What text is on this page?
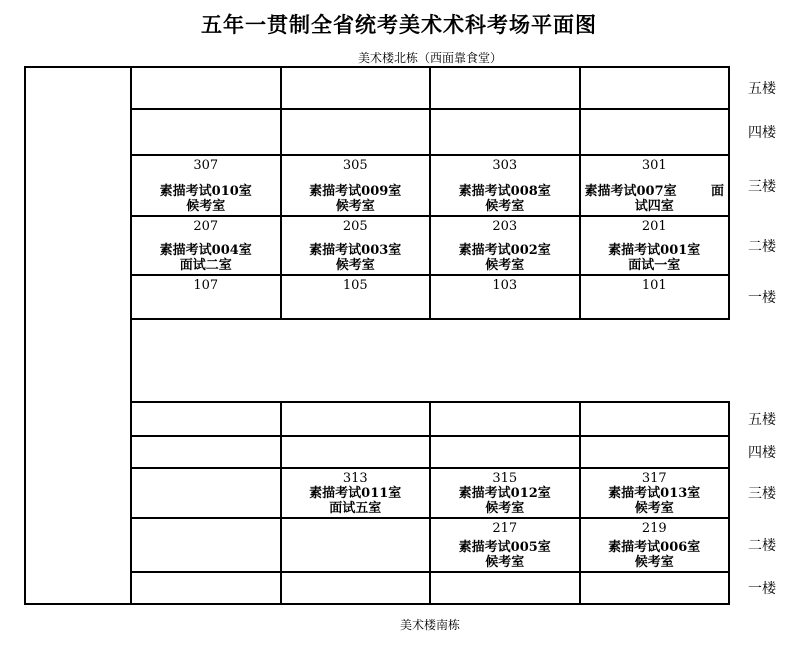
五年一贯制全省统考美术术科考场平面图
美术楼北栋（西面靠食堂）
五楼
四楼
307
素描考试010室
候考室
305
素描考试009室
候考室
303
素描考试008室
候考室
301
素描考试007室	面
试四室
三楼
207
素描考试004室
面试二室
205
素描考试003室
候考室
203
素描考试002室
候考室
201
素描考试001室
面试一室
二楼
107	105	103	101
一楼
五楼
四楼
313
素描考试011室
面试五室
315
素描考试012室
候考室
317
素描考试013室
候考室
三楼
217
素描考试005室
候考室
219
素描考试006室
候考室
二楼
一楼
美术楼南栋
